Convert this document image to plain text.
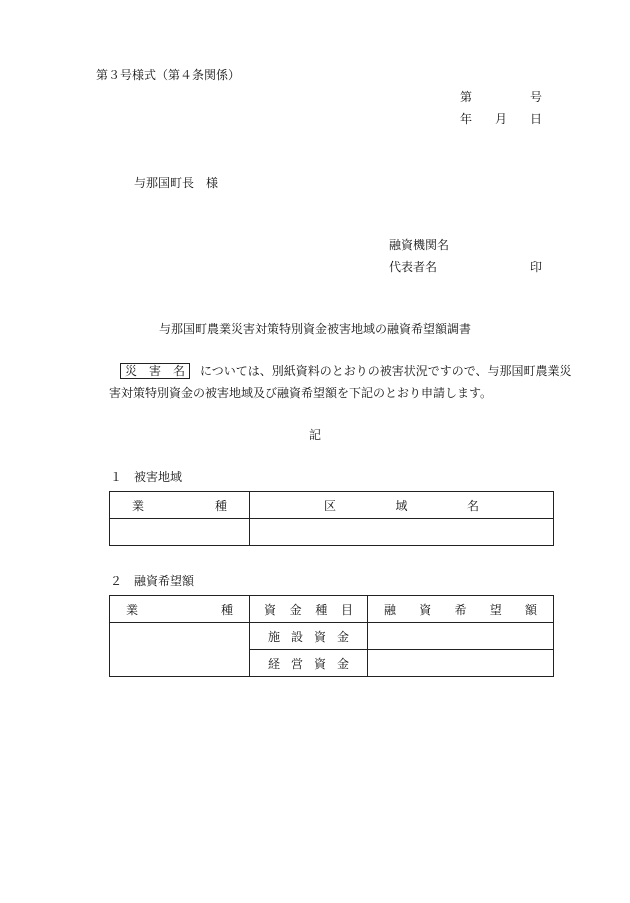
第３号様式（第４条関係）
第	号
年 月 日
与那国町長　様
融資機関名
代表者名	印
与那国町農業災害対策特別資金被害地域の融資希望額調書
災　害　名 については、別紙資料のとおりの被害状況ですので、与那国町農業災
害対策特別資金の被害地域及び融資希望額を下記のとおり申請します。
記
１　被害地域
業 種	区 域 名

２　融資希望額
業 種	資 金 種 目	融 資 希 望 額

	施 設 資 金	

	経 営 資 金	
